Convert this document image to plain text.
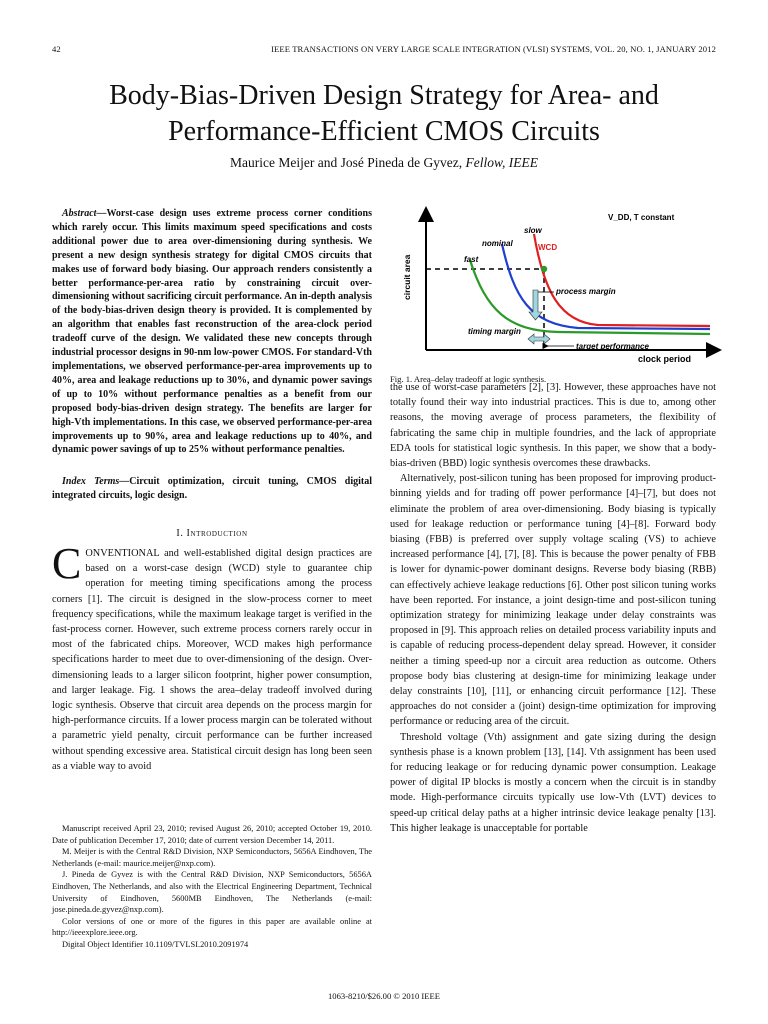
42	IEEE TRANSACTIONS ON VERY LARGE SCALE INTEGRATION (VLSI) SYSTEMS, VOL. 20, NO. 1, JANUARY 2012
Body-Bias-Driven Design Strategy for Area- and
Performance-Efficient CMOS Circuits
Maurice Meijer and José Pineda de Gyvez, Fellow, IEEE
Abstract—Worst-case design uses extreme process corner conditions which rarely occur. This limits maximum speed specifications and costs additional power due to area over-dimensioning during synthesis. We present a new design synthesis strategy for digital CMOS circuits that makes use of forward body biasing. Our approach renders consistently a better performance-per-area ratio by constraining circuit over-dimensioning without sacrificing circuit performance. An in-depth analysis of the body-bias-driven design theory is provided. It is complemented by an algorithm that enables fast reconstruction of the area-clock period tradeoff curve of the design. We validated these new concepts through industrial processor designs in 90-nm low-power CMOS. For standard-Vth implementations, we observed performance-per-area improvements up to 40%, area and leakage reductions up to 30%, and dynamic power savings of up to 10% without performance penalties as a benefit from our proposed body-bias-driven design strategy. The benefits are larger for high-Vth implementations. In this case, we observed performance-per-area improvements up to 90%, area and leakage reductions up to 40%, and dynamic power savings of up to 25% without performance penalties.
Index Terms—Circuit optimization, circuit tuning, CMOS digital integrated circuits, logic design.
I. Introduction
C ONVENTIONAL and well-established digital design practices are based on a worst-case design (WCD) style to guarantee chip operation for meeting timing specifications among the process corners [1]. The circuit is designed in the slow-process corner to meet frequency specifications, while the maximum leakage target is verified in the fast-process corner. However, such extreme process corners rarely occur in most of the fabricated chips. Moreover, WCD makes high performance specifications harder to meet due to over-dimensioning of the design. Over-dimensioning leads to a larger silicon footprint, higher power consumption, and larger leakage. Fig. 1 shows the area–delay tradeoff involved during logic synthesis. Observe that circuit area depends on the process margin for high-performance circuits. If a lower process margin can be tolerated without a parametric yield penalty, circuit performance can be further increased without spending excessive area. Statistical circuit design has long been seen as a viable way to avoid

Manuscript received April 23, 2010; revised August 26, 2010; accepted October 19, 2010. Date of publication December 17, 2010; date of current version December 14, 2011.

M. Meijer is with the Central R&D Division, NXP Semiconductors, 5656A Eindhoven, The Netherlands (e-mail: maurice.meijer@nxp.com).

J. Pineda de Gyvez is with the Central R&D Division, NXP Semiconductors, 5656A Eindhoven, The Netherlands, and also with the Electrical Engineering Department, Technical University of Eindhoven, 5600MB Eindhoven, The Netherlands (e-mail: jose.pineda.de.gyvez@nxp.com).

Color versions of one or more of the figures in this paper are available online at http://ieeexplore.ieee.org.

Digital Object Identifier 10.1109/TVLSI.2010.2091974

circuit area
clock period
V_DD, T constant
slow
nominal	WCD
fast
process margin
timing margin
target performance
Fig. 1. Area–delay tradeoff at logic synthesis.

the use of worst-case parameters [2], [3]. However, these approaches have not totally found their way into industrial practices. This is due to, among other reasons, the moving average of process parameters, the flexibility of fabricating the same chip in multiple foundries, and the lack of appropriate EDA tools for statistical logic synthesis. In this paper, we show that a body-bias-driven (BBD) logic synthesis overcomes these drawbacks.

Alternatively, post-silicon tuning has been proposed for improving product-binning yields and for trading off power performance [4]–[7], but does not eliminate the problem of area over-dimensioning. Body biasing is typically used for leakage reduction or performance tuning [4]–[8]. Forward body biasing (FBB) is preferred over supply voltage scaling (VS) to achieve increased performance [4], [7], [8]. This is because the power penalty of FBB is lower for dynamic-power dominant designs. Reverse body biasing (RBB) can effectively achieve leakage reductions [6]. Other post silicon tuning works have been reported. For instance, a joint design-time and post-silicon tuning optimization strategy for minimizing leakage under delay constraints was proposed in [9]. This approach relies on detailed process variability inputs and is capable of reducing process-dependent delay spread. However, it consider neither a timing speed-up nor a circuit area reduction as outcome. Others propose body bias clustering at design-time for minimizing leakage under delay constraints [10], [11], or enhancing circuit performance [12]. These approaches do not consider a (joint) design-time optimization for improving performance or reducing area of the circuit.

Threshold voltage (Vth) assignment and gate sizing during the design synthesis phase is a known problem [13], [14]. Vth assignment has been used for reducing leakage or for reducing dynamic power consumption. Leakage power of digital IP blocks is mostly a concern when the circuit is in standby mode. High-performance circuits typically use low-Vth (LVT) devices to speed-up critical delay paths at a higher intrinsic device leakage penalty [13]. This higher leakage is unacceptable for portable

1063-8210/$26.00 © 2010 IEEE
